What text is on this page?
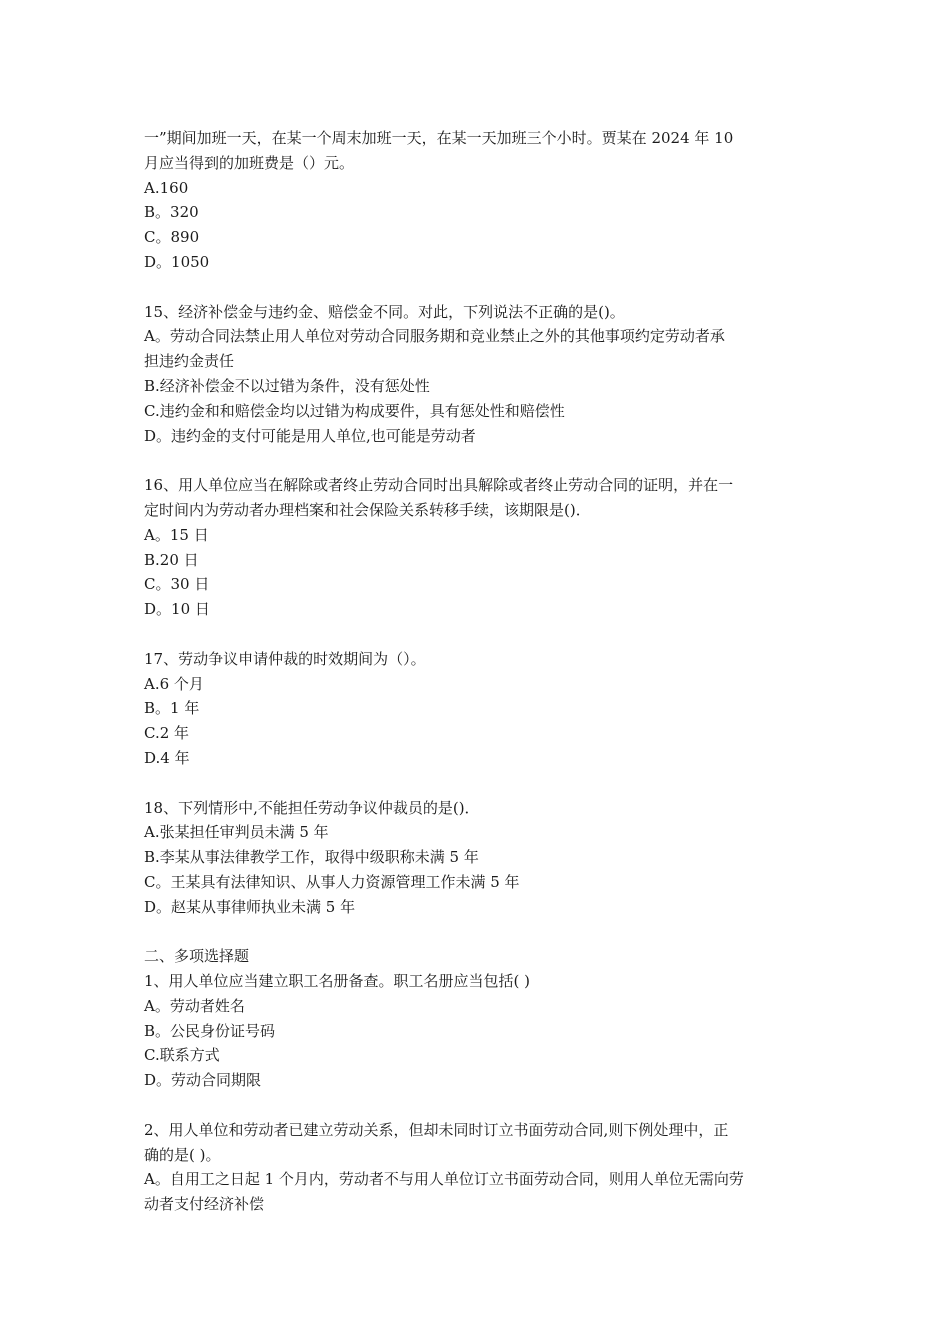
一”期间加班一天，在某一个周末加班一天，在某一天加班三个小时。贾某在 2024 年 10

月应当得到的加班费是（）元。

A.160

B。320

C。890

D。1050

15、经济补偿金与违约金、赔偿金不同。对此，下列说法不正确的是()。

A。劳动合同法禁止用人单位对劳动合同服务期和竞业禁止之外的其他事项约定劳动者承

担违约金责任

B.经济补偿金不以过错为条件，没有惩处性

C.违约金和和赔偿金均以过错为构成要件，具有惩处性和赔偿性

D。违约金的支付可能是用人单位,也可能是劳动者

16、用人单位应当在解除或者终止劳动合同时出具解除或者终止劳动合同的证明，并在一

定时间内为劳动者办理档案和社会保险关系转移手续，该期限是()．

A。15 日

B.20 日

C。30 日

D。10 日

17、劳动争议申请仲裁的时效期间为（）。

A.6 个月

B。1 年

C.2 年

D.4 年

18、下列情形中,不能担任劳动争议仲裁员的是()．

A.张某担任审判员未满 5 年

B.李某从事法律教学工作，取得中级职称未满 5 年

C。王某具有法律知识、从事人力资源管理工作未满 5 年

D。赵某从事律师执业未满 5 年

二、多项选择题

1、用人单位应当建立职工名册备查。职工名册应当包括( )

A。劳动者姓名

B。公民身份证号码

C.联系方式

D。劳动合同期限

2、用人单位和劳动者已建立劳动关系，但却未同时订立书面劳动合同,则下例处理中，正

确的是( )。

A。自用工之日起 1 个月内，劳动者不与用人单位订立书面劳动合同，则用人单位无需向劳

动者支付经济补偿
